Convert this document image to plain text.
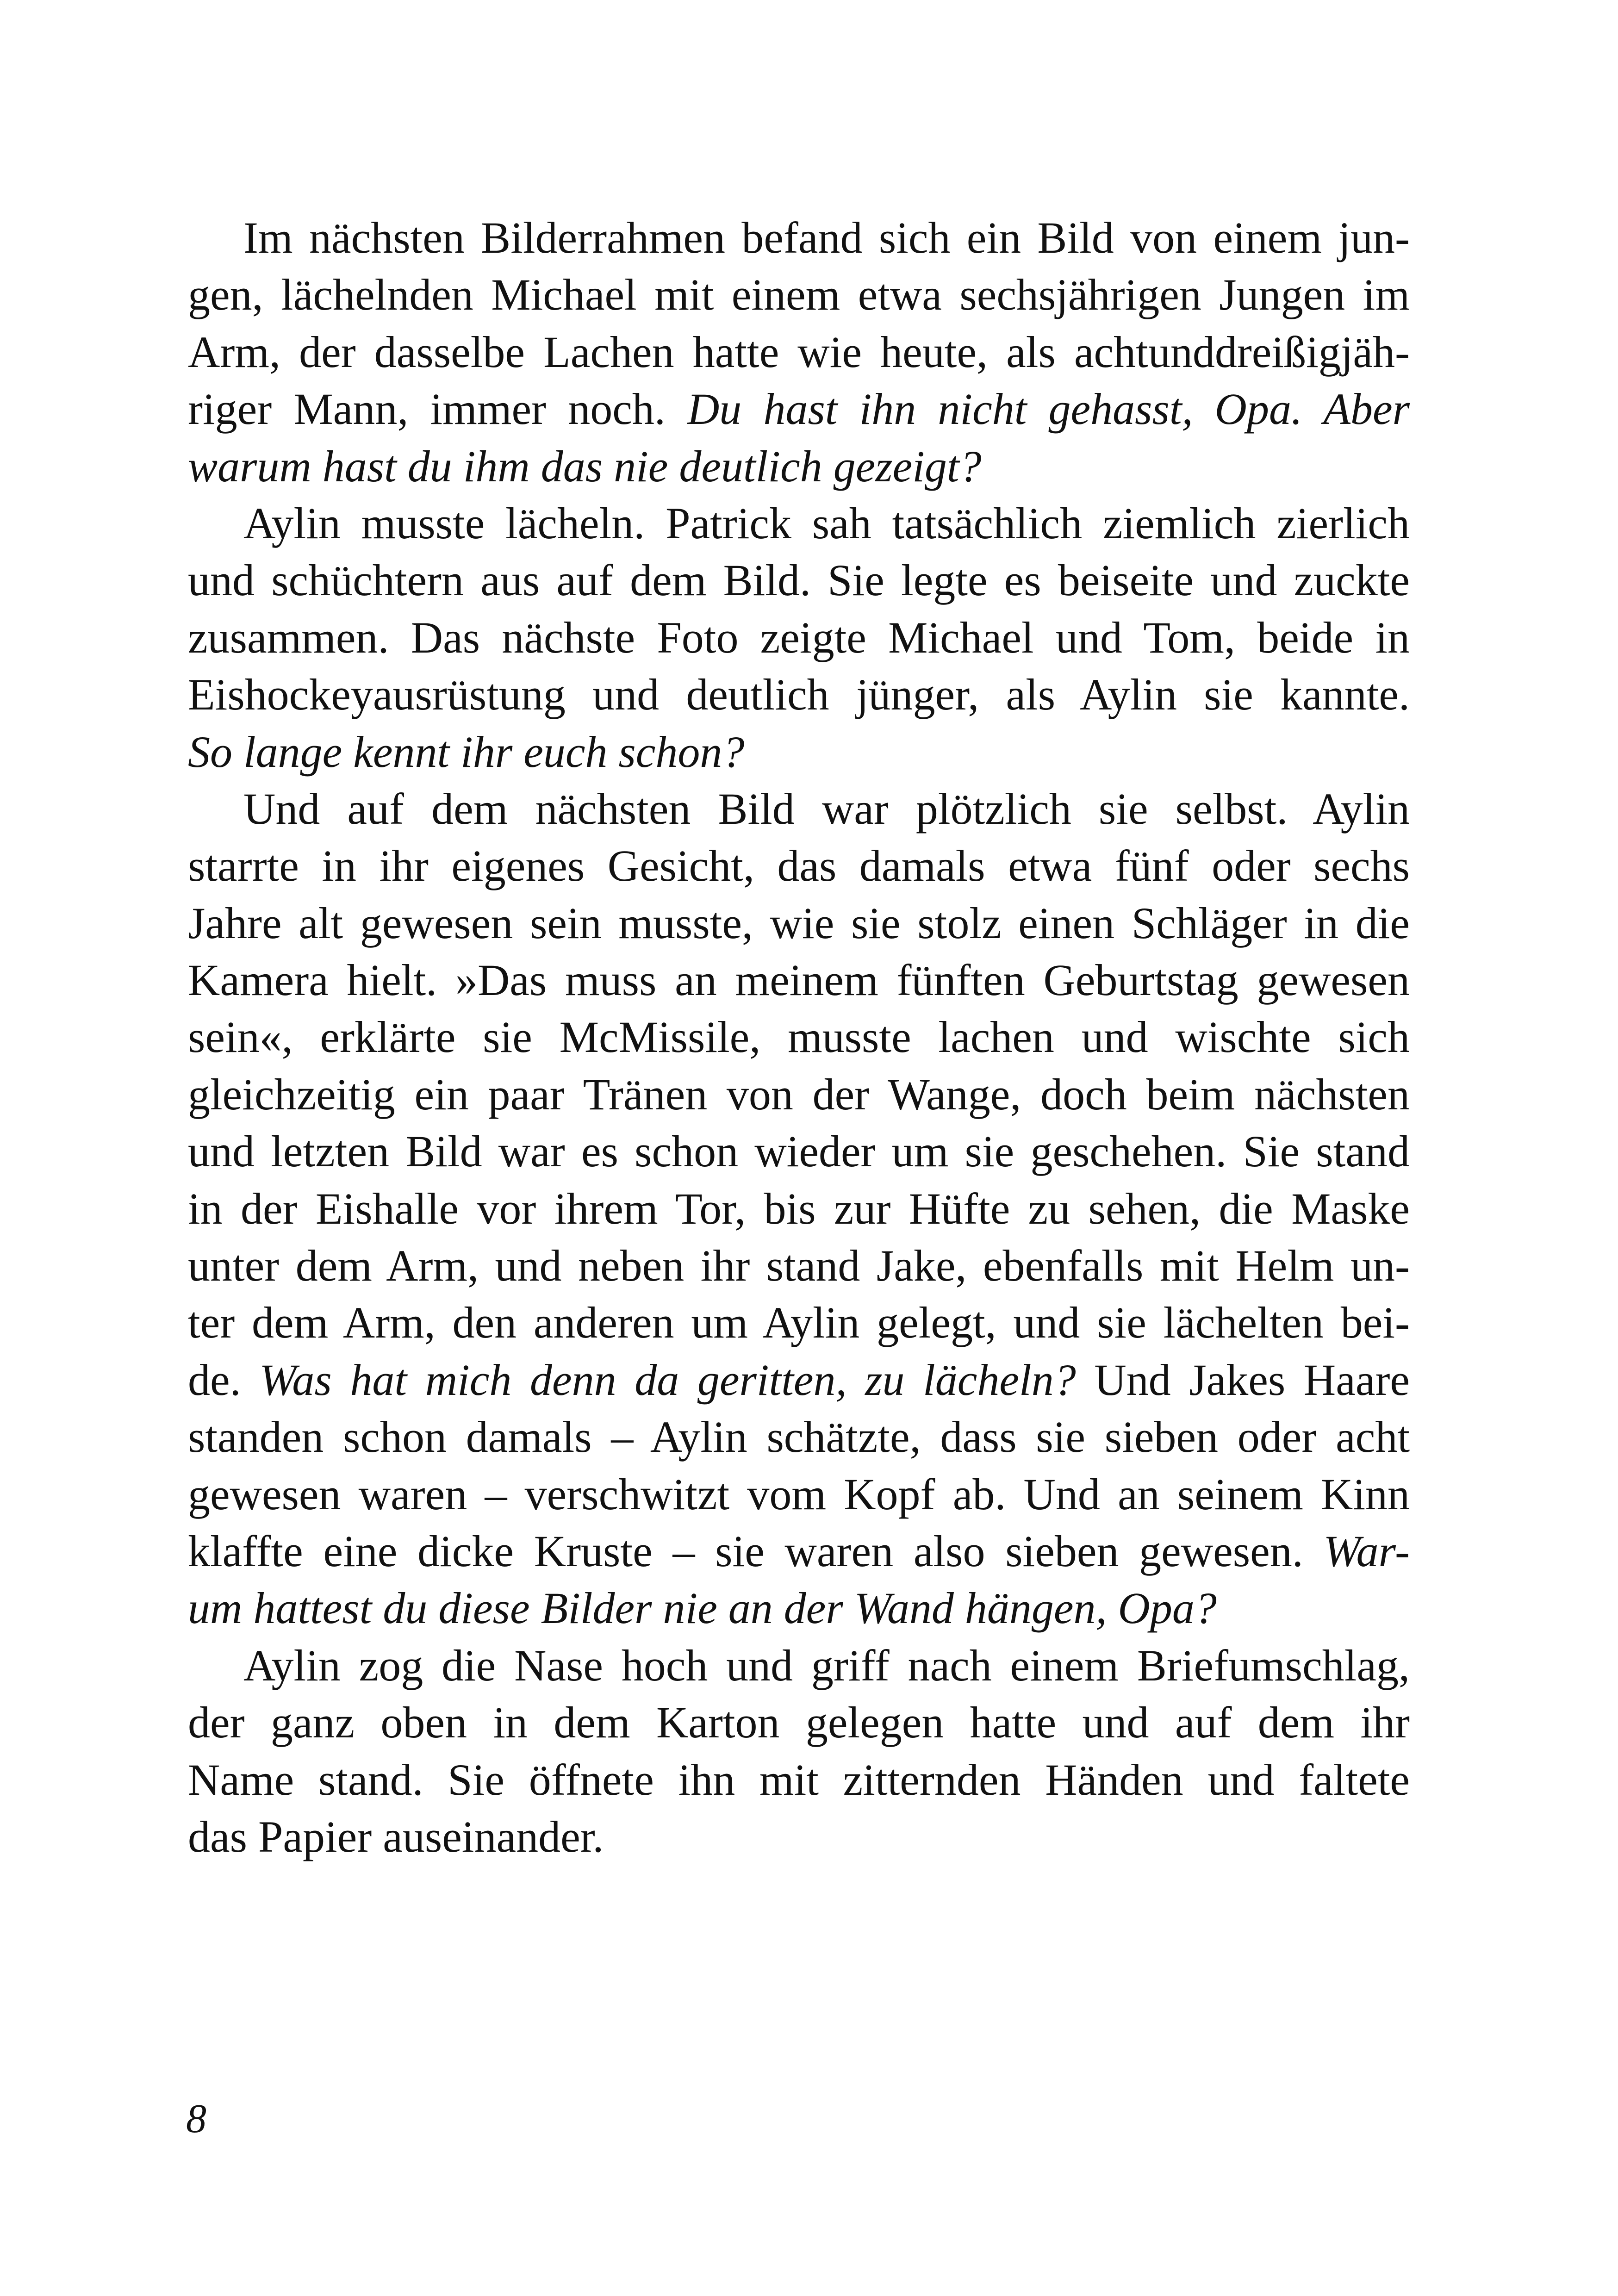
Im nächsten Bilderrahmen befand sich ein Bild von einem jun-
gen, lächelnden Michael mit einem etwa sechsjährigen Jungen im
Arm, der dasselbe Lachen hatte wie heute, als achtunddreißigjäh-
riger Mann, immer noch. Du hast ihn nicht gehasst, Opa. Aber
warum hast du ihm das nie deutlich gezeigt?
Aylin musste lächeln. Patrick sah tatsächlich ziemlich zierlich
und schüchtern aus auf dem Bild. Sie legte es beiseite und zuckte
zusammen. Das nächste Foto zeigte Michael und Tom, beide in
Eishockeyausrüstung und deutlich jünger, als Aylin sie kannte.
So lange kennt ihr euch schon?
Und auf dem nächsten Bild war plötzlich sie selbst. Aylin
starrte in ihr eigenes Gesicht, das damals etwa fünf oder sechs
Jahre alt gewesen sein musste, wie sie stolz einen Schläger in die
Kamera hielt. »Das muss an meinem fünften Geburtstag gewesen
sein«, erklärte sie McMissile, musste lachen und wischte sich
gleichzeitig ein paar Tränen von der Wange, doch beim nächsten
und letzten Bild war es schon wieder um sie geschehen. Sie stand
in der Eishalle vor ihrem Tor, bis zur Hüfte zu sehen, die Maske
unter dem Arm, und neben ihr stand Jake, ebenfalls mit Helm un-
ter dem Arm, den anderen um Aylin gelegt, und sie lächelten bei-
de. Was hat mich denn da geritten, zu lächeln? Und Jakes Haare
standen schon damals – Aylin schätzte, dass sie sieben oder acht
gewesen waren – verschwitzt vom Kopf ab. Und an seinem Kinn
klaffte eine dicke Kruste – sie waren also sieben gewesen. War-
um hattest du diese Bilder nie an der Wand hängen, Opa?
Aylin zog die Nase hoch und griff nach einem Briefumschlag,
der ganz oben in dem Karton gelegen hatte und auf dem ihr
Name stand. Sie öffnete ihn mit zitternden Händen und faltete
das Papier auseinander.
8
